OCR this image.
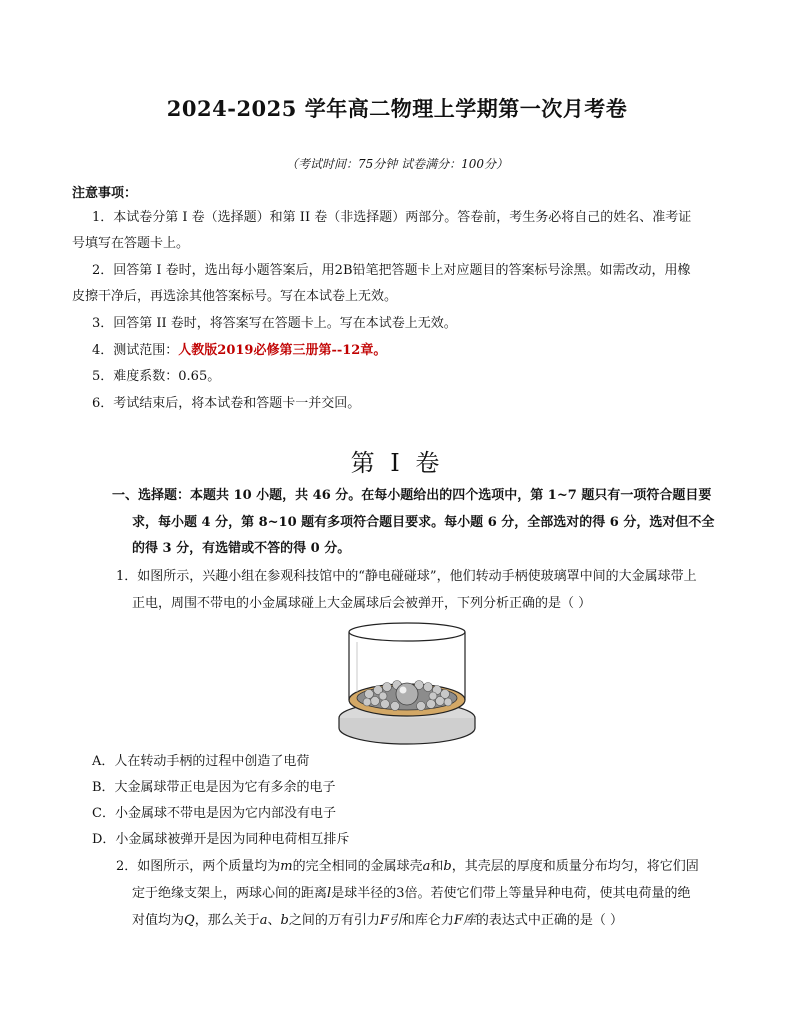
2024-2025 学年高二物理上学期第一次月考卷
（考试时间：75分钟 试卷满分：100分）
注意事项：
1．本试卷分第 I 卷（选择题）和第 II 卷（非选择题）两部分。答卷前，考生务必将自己的姓名、准考证
号填写在答题卡上。
2．回答第 I 卷时，选出每小题答案后，用2B铅笔把答题卡上对应题目的答案标号涂黑。如需改动，用橡
皮擦干净后，再选涂其他答案标号。写在本试卷上无效。
3．回答第 II 卷时，将答案写在答题卡上。写在本试卷上无效。
4．测试范围：人教版2019必修第三册第--12章。
5．难度系数：0.65。
6．考试结束后，将本试卷和答题卡一并交回。
第 I 卷
一、选择题：本题共 10 小题，共 46 分。在每小题给出的四个选项中，第 1~7 题只有一项符合题目要
求，每小题 4 分，第 8~10 题有多项符合题目要求。每小题 6 分，全部选对的得 6 分，选对但不全
的得 3 分，有选错或不答的得 0 分。
1．如图所示，兴趣小组在参观科技馆中的“静电碰碰球”，他们转动手柄使玻璃罩中间的大金属球带上
正电，周围不带电的小金属球碰上大金属球后会被弹开，下列分析正确的是（ ）
A．人在转动手柄的过程中创造了电荷
B．大金属球带正电是因为它有多余的电子
C．小金属球不带电是因为它内部没有电子
D．小金属球被弹开是因为同种电荷相互排斥
2．如图所示，两个质量均为m的完全相同的金属球壳a和b，其壳层的厚度和质量分布均匀，将它们固
定于绝缘支架上，两球心间的距离l是球半径的3倍。若使它们带上等量异种电荷，使其电荷量的绝
对值均为Q，那么关于a、b之间的万有引力F引和库仑力F库的表达式中正确的是（ ）
